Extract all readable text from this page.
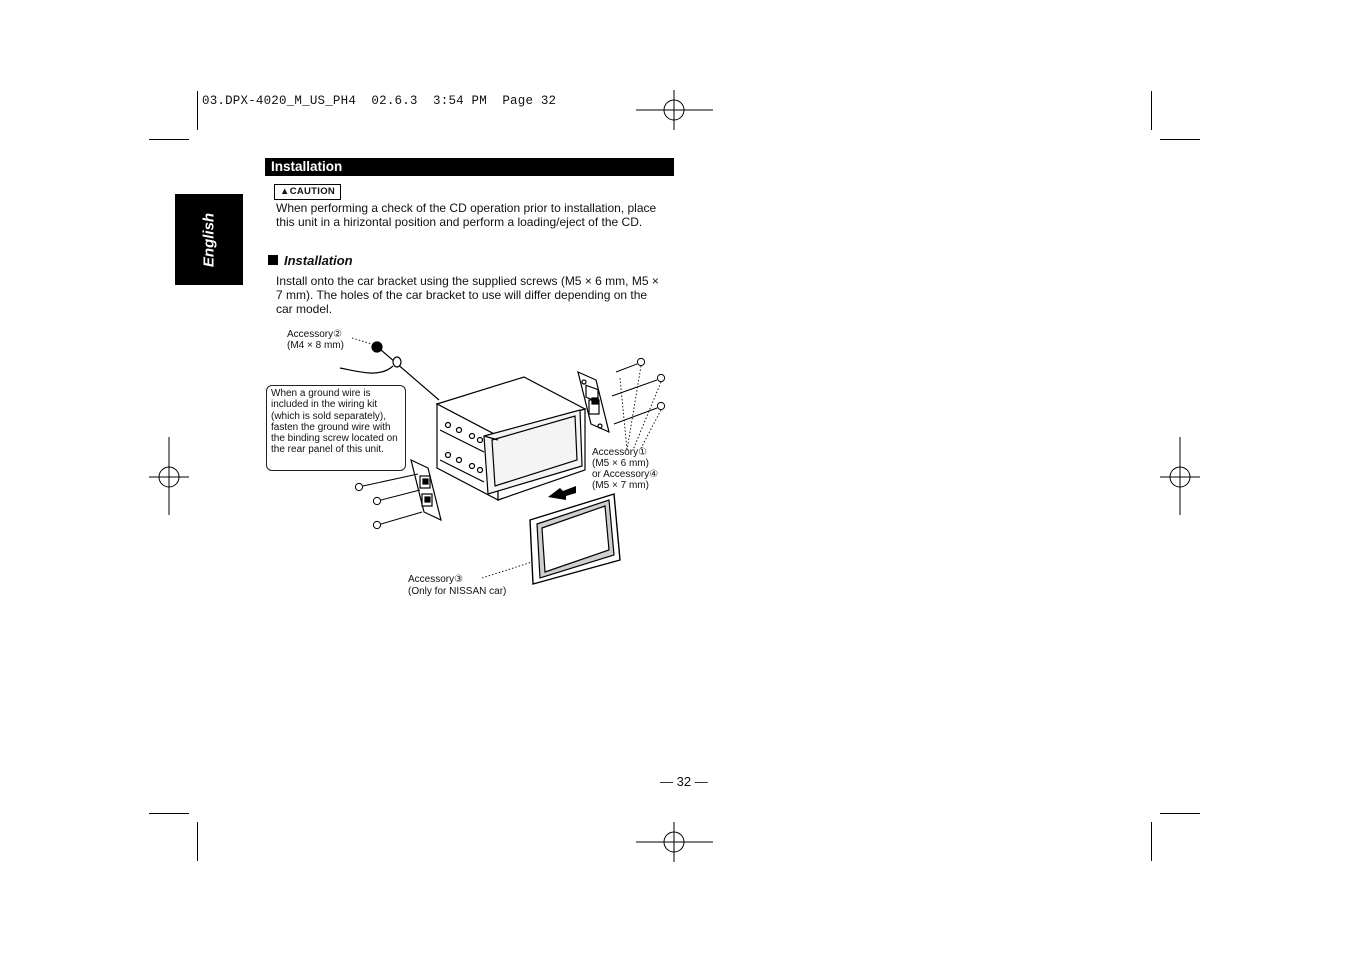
03.DPX-4020_M_US_PH4  02.6.3  3:54 PM  Page 32
English
Installation
▲CAUTION
When performing a check of the CD operation prior to installation, place this unit in a hirizontal position and perform a loading/eject of the CD.
Installation
Install onto the car bracket using the supplied screws (M5 × 6 mm, M5 × 7 mm). The holes of the car bracket to use will differ depending on the car model.
Accessory②
(M4 × 8 mm)
When a ground wire is included in the wiring kit (which is sold separately), fasten the ground wire with the binding screw located on the rear panel of this unit.	Accessory①
(M5 × 6 mm)
or Accessory④
(M5 × 7 mm)
Accessory③
(Only for NISSAN car)
— 32 —
